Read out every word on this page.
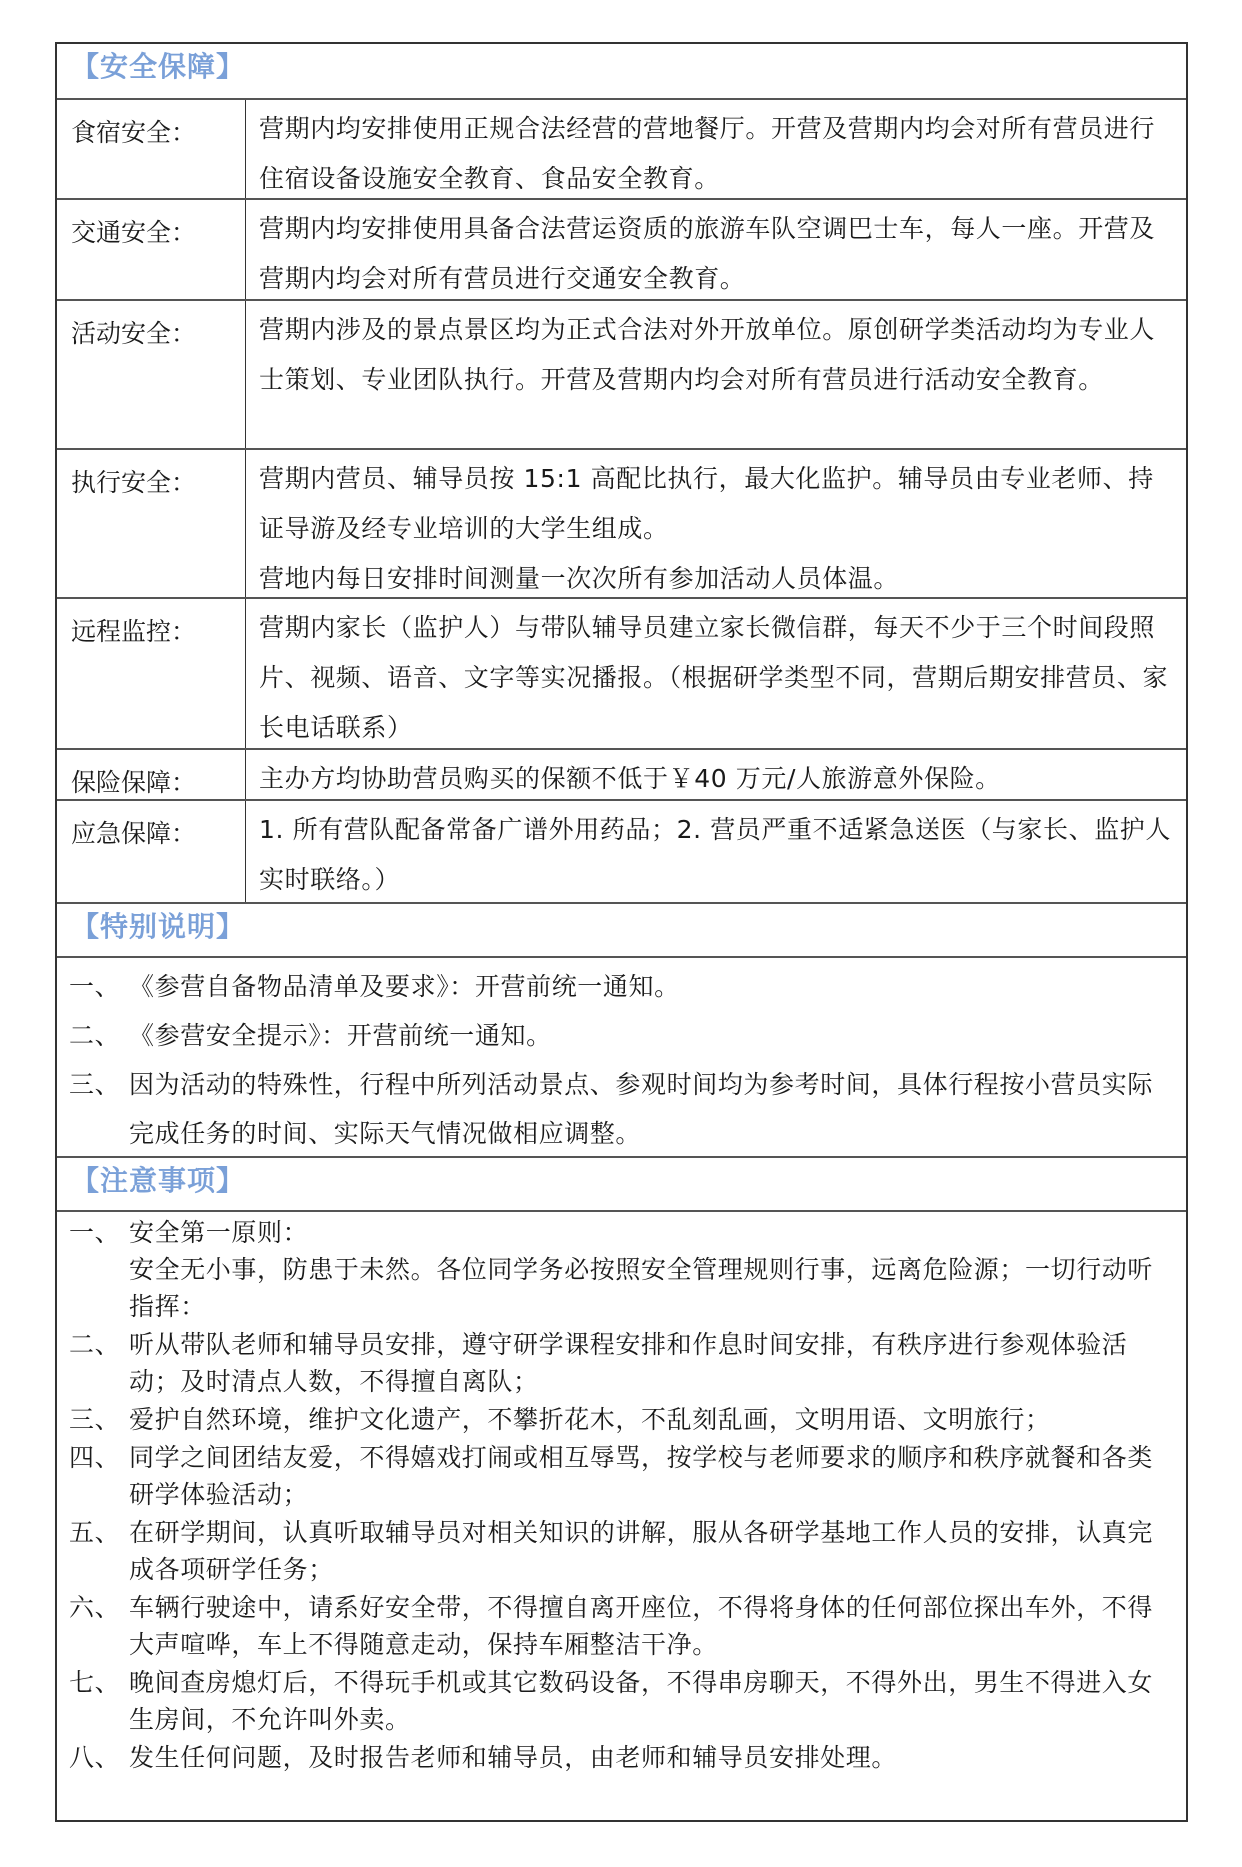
【安全保障】
食宿安全：	营期内均安排使用正规合法经营的营地餐厅。开营及营期内均会对所有营员进行住宿设备设施安全教育、食品安全教育。
交通安全：	营期内均安排使用具备合法营运资质的旅游车队空调巴士车，每人一座。开营及营期内均会对所有营员进行交通安全教育。
活动安全：	营期内涉及的景点景区均为正式合法对外开放单位。原创研学类活动均为专业人士策划、专业团队执行。开营及营期内均会对所有营员进行活动安全教育。
执行安全：	营期内营员、辅导员按 15:1 高配比执行，最大化监护。辅导员由专业老师、持证导游及经专业培训的大学生组成。
营地内每日安排时间测量一次次所有参加活动人员体温。
远程监控：	营期内家长（监护人）与带队辅导员建立家长微信群，每天不少于三个时间段照片、视频、语音、文字等实况播报。（根据研学类型不同，营期后期安排营员、家长电话联系）
保险保障：	主办方均协助营员购买的保额不低于￥40 万元/人旅游意外保险。
应急保障：	1. 所有营队配备常备广谱外用药品；2. 营员严重不适紧急送医（与家长、监护人实时联络。）
【特别说明】
一、 《参营自备物品清单及要求》：开营前统一通知。
二、 《参营安全提示》：开营前统一通知。
三、 因为活动的特殊性，行程中所列活动景点、参观时间均为参考时间，具体行程按小营员实际完成任务的时间、实际天气情况做相应调整。
【注意事项】
一、 安全第一原则：
安全无小事，防患于未然。各位同学务必按照安全管理规则行事，远离危险源；一切行动听指挥：
二、 听从带队老师和辅导员安排，遵守研学课程安排和作息时间安排，有秩序进行参观体验活动；及时清点人数，不得擅自离队；
三、 爱护自然环境，维护文化遗产，不攀折花木，不乱刻乱画，文明用语、文明旅行；
四、 同学之间团结友爱，不得嬉戏打闹或相互辱骂，按学校与老师要求的顺序和秩序就餐和各类研学体验活动；
五、 在研学期间，认真听取辅导员对相关知识的讲解，服从各研学基地工作人员的安排，认真完成各项研学任务；
六、 车辆行驶途中，请系好安全带，不得擅自离开座位，不得将身体的任何部位探出车外，不得大声喧哗，车上不得随意走动，保持车厢整洁干净。
七、 晚间查房熄灯后，不得玩手机或其它数码设备，不得串房聊天，不得外出，男生不得进入女生房间，不允许叫外卖。
八、 发生任何问题，及时报告老师和辅导员，由老师和辅导员安排处理。
